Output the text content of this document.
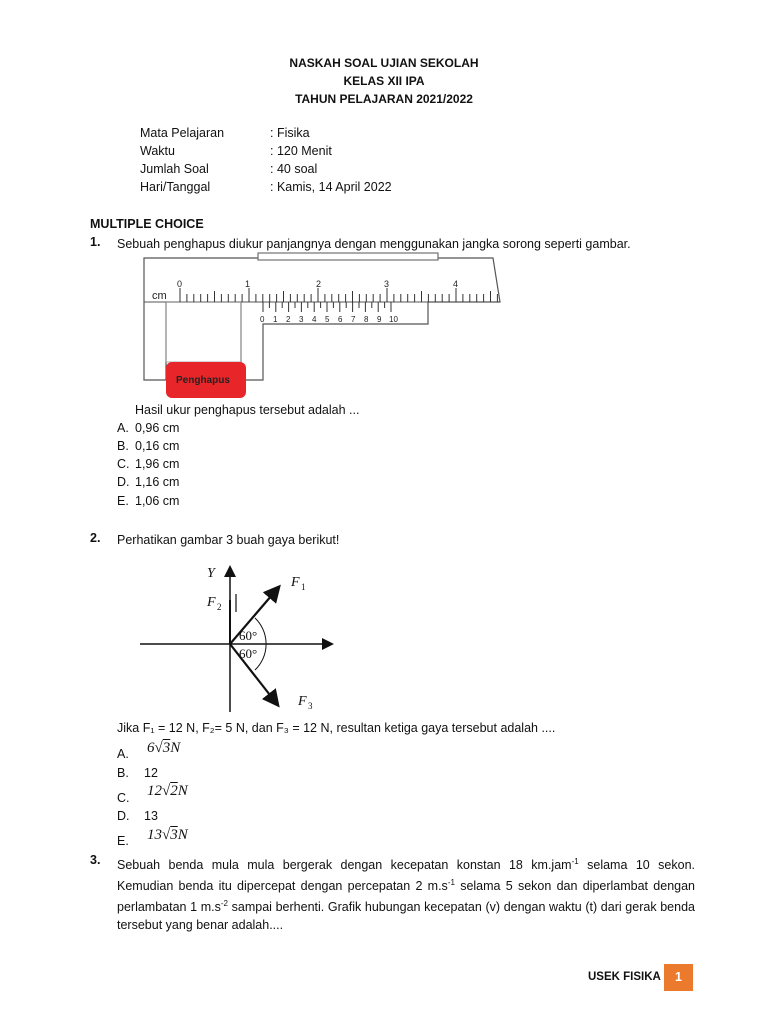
NASKAH SOAL UJIAN SEKOLAH
KELAS XII IPA
TAHUN PELAJARAN 2021/2022
Mata Pelajaran	: Fisika
Waktu	: 120 Menit
Jumlah Soal	: 40 soal
Hari/Tanggal	: Kamis, 14 April 2022
MULTIPLE CHOICE
1. Sebuah penghapus diukur panjangnya dengan menggunakan jangka sorong seperti gambar.
cm
0	1	2	3	4
0 1 2 3 4 5 6 7 8 9 10
Penghapus
Hasil ukur penghapus tersebut adalah ...
A. 0,96 cm
B. 0,16 cm
C. 1,96 cm
D. 1,16 cm
E. 1,06 cm
2. Perhatikan gambar 3 buah gaya berikut!
Y
F 1
F 2
F 3
60°
60°
Jika F₁ = 12 N, F₂= 5 N, dan F₃ = 12 N, resultan ketiga gaya tersebut adalah ....
A. 6√3N
B. 12
C. 12√2N
D. 13
E. 13√3N
3. Sebuah benda mula mula bergerak dengan kecepatan konstan 18 km.jam$^{-1}$ selama 10 sekon. Kemudian benda itu dipercepat dengan percepatan 2 $m.s^{-1}$ selama 5 sekon dan diperlambat dengan perlambatan 1 $m.s^{-2}$ sampai berhenti. Grafik hubungan kecepatan (v) dengan waktu (t) dari gerak benda tersebut yang benar adalah....
USEK FISIKA	1
